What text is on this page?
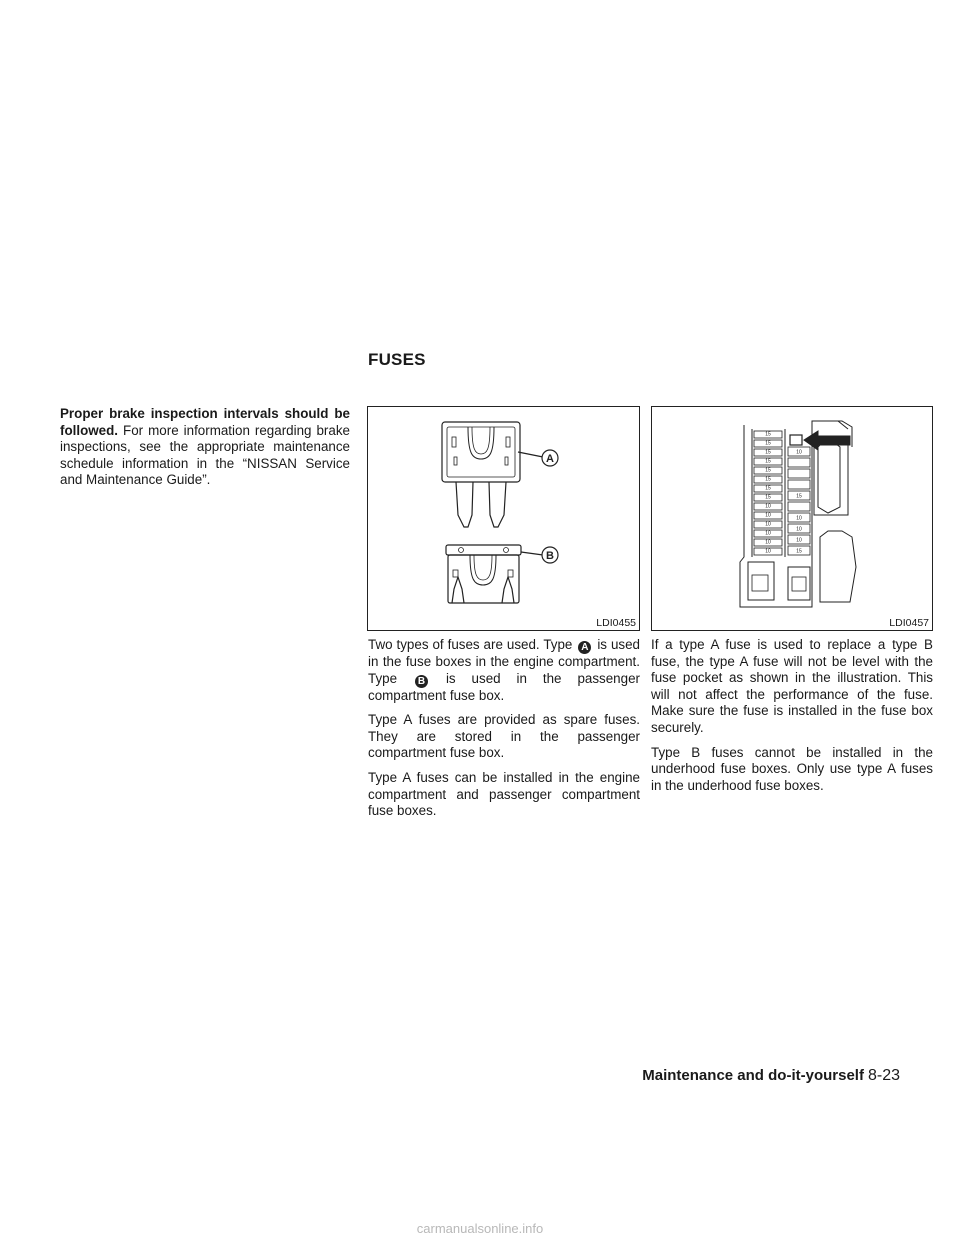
FUSES

Proper brake inspection intervals should be followed. For more information regarding brake inspections, see the appropriate maintenance schedule information in the “NISSAN Service and Maintenance Guide”.

A
B
LDI0455
15
15
15
15
15
15
15
15
10
10
10
10
10
10
10
15
10
10
10
15
LDI0457

Two types of fuses are used. Type A is used in the fuse boxes in the engine compartment. Type B is used in the passenger compartment fuse box.

Type A fuses are provided as spare fuses. They are stored in the passenger compartment fuse box.

Type A fuses can be installed in the engine compartment and passenger compartment fuse boxes.

If a type A fuse is used to replace a type B fuse, the type A fuse will not be level with the fuse pocket as shown in the illustration. This will not affect the performance of the fuse. Make sure the fuse is installed in the fuse box securely.

Type B fuses cannot be installed in the underhood fuse boxes. Only use type A fuses in the underhood fuse boxes.

Maintenance and do-it-yourself 8-23
carmanualsonline.info
